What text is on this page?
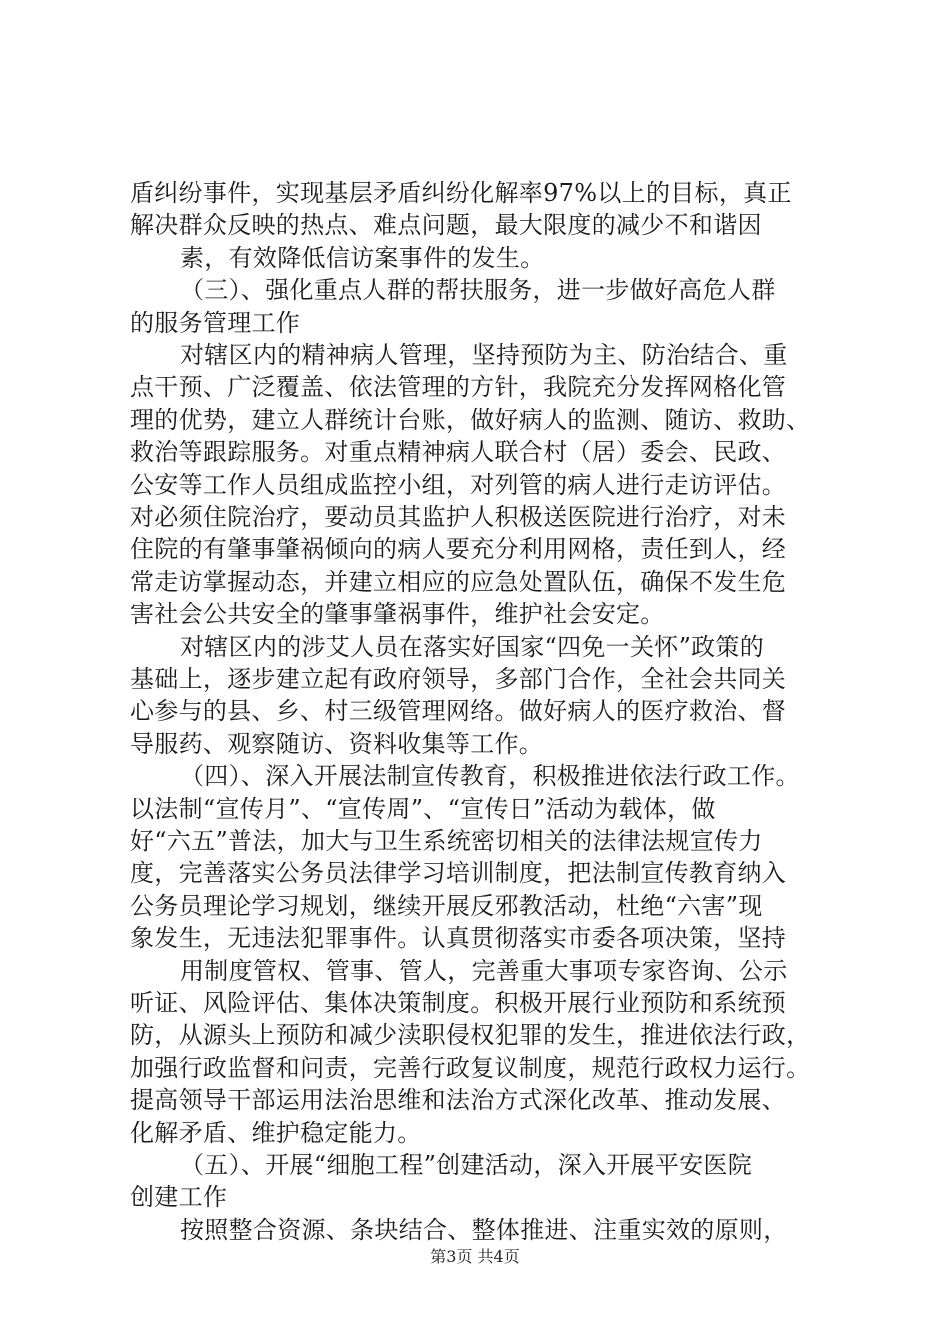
盾纠纷事件，实现基层矛盾纠纷化解率97%以上的目标，真正
解决群众反映的热点、难点问题，最大限度的减少不和谐因
素，有效降低信访案事件的发生。
（三）、强化重点人群的帮扶服务，进一步做好高危人群
的服务管理工作
对辖区内的精神病人管理，坚持预防为主、防治结合、重
点干预、广泛覆盖、依法管理的方针，我院充分发挥网格化管
理的优势，建立人群统计台账，做好病人的监测、随访、救助、
救治等跟踪服务。对重点精神病人联合村（居）委会、民政、
公安等工作人员组成监控小组，对列管的病人进行走访评估。
对必须住院治疗，要动员其监护人积极送医院进行治疗，对未
住院的有肇事肇祸倾向的病人要充分利用网格，责任到人，经
常走访掌握动态，并建立相应的应急处置队伍，确保不发生危
害社会公共安全的肇事肇祸事件，维护社会安定。
对辖区内的涉艾人员在落实好国家“四免一关怀”政策的
基础上，逐步建立起有政府领导，多部门合作，全社会共同关
心参与的县、乡、村三级管理网络。做好病人的医疗救治、督
导服药、观察随访、资料收集等工作。
（四）、深入开展法制宣传教育，积极推进依法行政工作。
以法制“宣传月”、“宣传周”、“宣传日”活动为载体，做
好“六五”普法，加大与卫生系统密切相关的法律法规宣传力
度，完善落实公务员法律学习培训制度，把法制宣传教育纳入
公务员理论学习规划，继续开展反邪教活动，杜绝“六害”现
象发生，无违法犯罪事件。认真贯彻落实市委各项决策，坚持
用制度管权、管事、管人，完善重大事项专家咨询、公示
听证、风险评估、集体决策制度。积极开展行业预防和系统预
防，从源头上预防和减少渎职侵权犯罪的发生，推进依法行政，
加强行政监督和问责，完善行政复议制度，规范行政权力运行。
提高领导干部运用法治思维和法治方式深化改革、推动发展、
化解矛盾、维护稳定能力。
（五）、开展“细胞工程”创建活动，深入开展平安医院
第3页 共4页
创建工作
按照整合资源、条块结合、整体推进、注重实效的原则，
